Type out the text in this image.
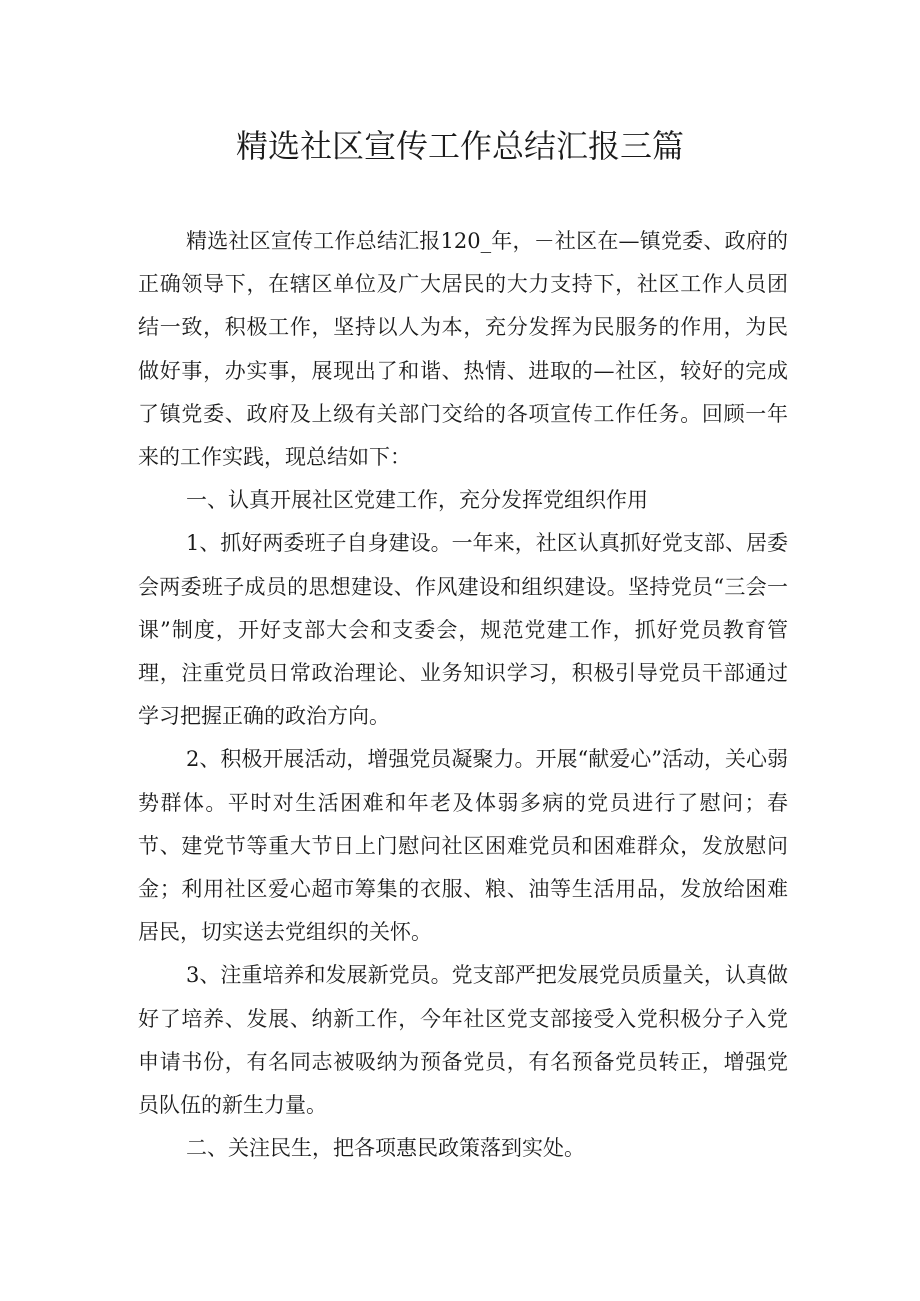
精选社区宣传工作总结汇报三篇

精选社区宣传工作总结汇报120_年，－社区在—镇党委、政府的正确领导下，在辖区单位及广大居民的大力支持下，社区工作人员团结一致，积极工作，坚持以人为本，充分发挥为民服务的作用，为民做好事，办实事，展现出了和谐、热情、进取的—社区，较好的完成了镇党委、政府及上级有关部门交给的各项宣传工作任务。回顾一年来的工作实践，现总结如下：

一、认真开展社区党建工作，充分发挥党组织作用

1、抓好两委班子自身建设。一年来，社区认真抓好党支部、居委会两委班子成员的思想建设、作风建设和组织建设。坚持党员“三会一课”制度，开好支部大会和支委会，规范党建工作，抓好党员教育管理，注重党员日常政治理论、业务知识学习，积极引导党员干部通过学习把握正确的政治方向。

2、积极开展活动，增强党员凝聚力。开展“献爱心”活动，关心弱势群体。平时对生活困难和年老及体弱多病的党员进行了慰问；春节、建党节等重大节日上门慰问社区困难党员和困难群众，发放慰问金；利用社区爱心超市筹集的衣服、粮、油等生活用品，发放给困难居民，切实送去党组织的关怀。

3、注重培养和发展新党员。党支部严把发展党员质量关，认真做好了培养、发展、纳新工作，今年社区党支部接受入党积极分子入党申请书份，有名同志被吸纳为预备党员，有名预备党员转正，增强党员队伍的新生力量。

二、关注民生，把各项惠民政策落到实处。
